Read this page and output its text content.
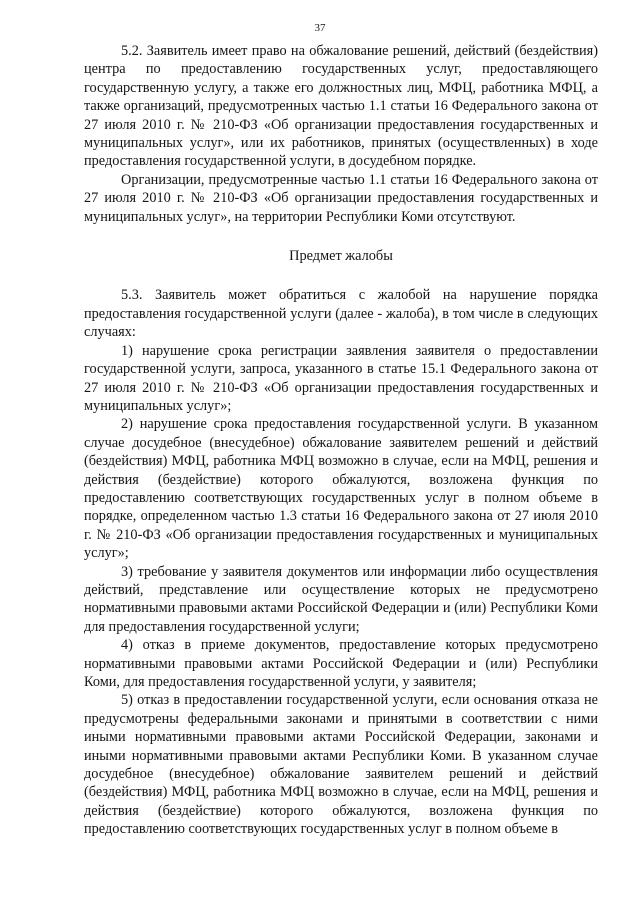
37

5.2. Заявитель имеет право на обжалование решений, действий (бездействия) центра по предоставлению государственных услуг, предоставляющего государственную услугу, а также его должностных лиц, МФЦ, работника МФЦ, а также организаций, предусмотренных частью 1.1 статьи 16 Федерального закона от 27 июля 2010 г. № 210-ФЗ «Об организации предоставления государственных и муниципальных услуг», или их работников, принятых (осуществленных) в ходе предоставления государственной услуги, в досудебном порядке.

Организации, предусмотренные частью 1.1 статьи 16 Федерального закона от 27 июля 2010 г. № 210-ФЗ «Об организации предоставления государственных и муниципальных услуг», на территории Республики Коми отсутствуют.

Предмет жалобы

5.3. Заявитель может обратиться с жалобой на нарушение порядка предоставления государственной услуги (далее - жалоба), в том числе в следующих случаях:

1) нарушение срока регистрации заявления заявителя о предоставлении государственной услуги, запроса, указанного в статье 15.1 Федерального закона от 27 июля 2010 г. № 210-ФЗ «Об организации предоставления государственных и муниципальных услуг»;

2) нарушение срока предоставления государственной услуги. В указанном случае досудебное (внесудебное) обжалование заявителем решений и действий (бездействия) МФЦ, работника МФЦ возможно в случае, если на МФЦ, решения и действия (бездействие) которого обжалуются, возложена функция по предоставлению соответствующих государственных услуг в полном объеме в порядке, определенном частью 1.3 статьи 16 Федерального закона от 27 июля 2010 г. № 210-ФЗ «Об организации предоставления государственных и муниципальных услуг»;

3) требование у заявителя документов или информации либо осуществления действий, представление или осуществление которых не предусмотрено нормативными правовыми актами Российской Федерации и (или) Республики Коми для предоставления государственной услуги;

4) отказ в приеме документов, предоставление которых предусмотрено нормативными правовыми актами Российской Федерации и (или) Республики Коми, для предоставления государственной услуги, у заявителя;

5) отказ в предоставлении государственной услуги, если основания отказа не предусмотрены федеральными законами и принятыми в соответствии с ними иными нормативными правовыми актами Российской Федерации, законами и иными нормативными правовыми актами Республики Коми. В указанном случае досудебное (внесудебное) обжалование заявителем решений и действий (бездействия) МФЦ, работника МФЦ возможно в случае, если на МФЦ, решения и действия (бездействие) которого обжалуются, возложена функция по предоставлению соответствующих государственных услуг в полном объеме в
